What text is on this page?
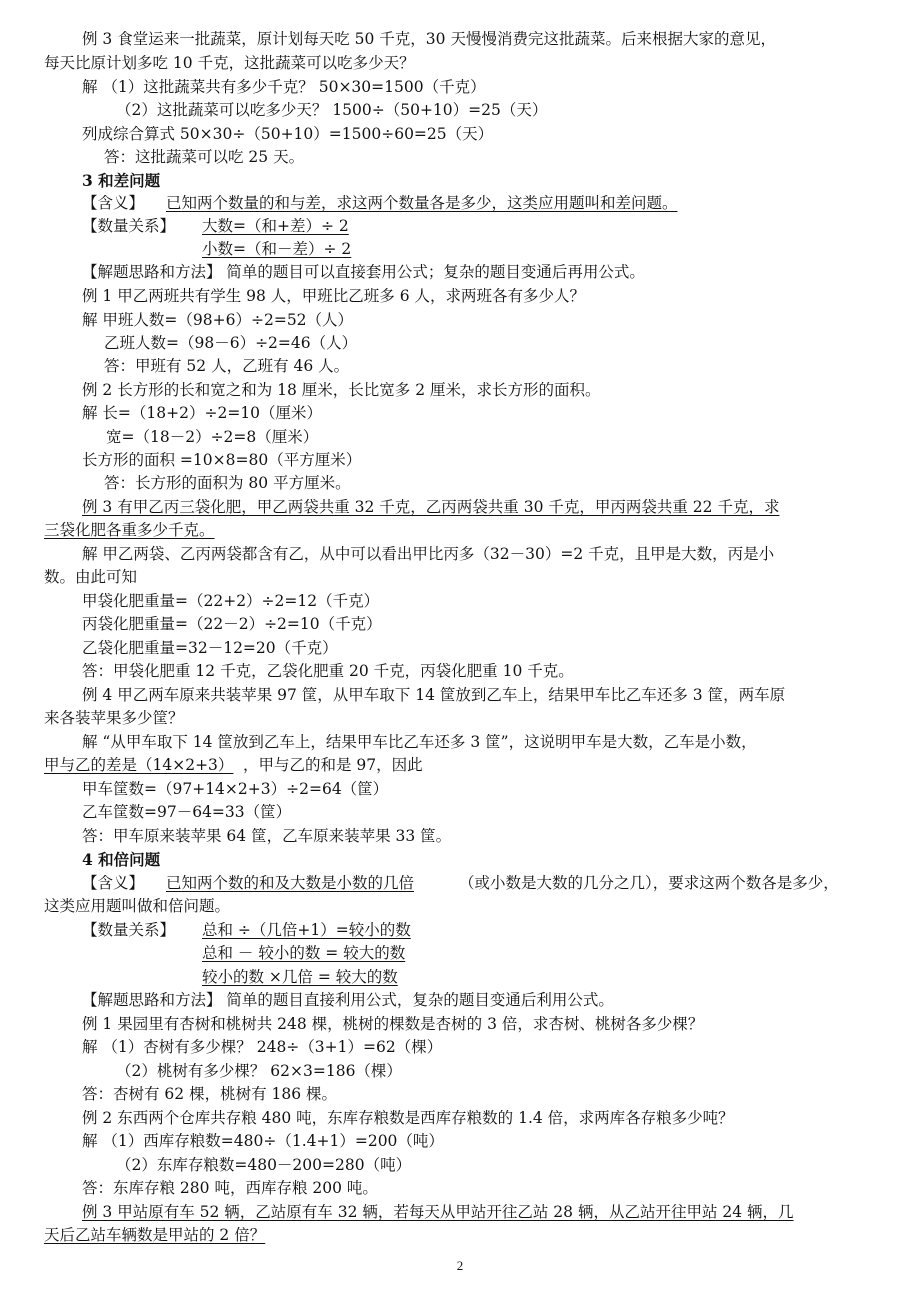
例 3 食堂运来一批蔬菜，原计划每天吃 50 千克，30 天慢慢消费完这批蔬菜。后来根据大家的意见，
每天比原计划多吃 10 千克，这批蔬菜可以吃多少天？
解 （1）这批蔬菜共有多少千克？ 50×30=1500（千克）
（2）这批蔬菜可以吃多少天？ 1500÷（50+10）=25（天）
列成综合算式 50×30÷（50+10）=1500÷60=25（天）
答：这批蔬菜可以吃 25 天。
3 和差问题
【含义】 已知两个数量的和与差，求这两个数量各是多少，这类应用题叫和差问题。
【数量关系】 大数=（和+差）÷ 2
小数=（和－差）÷ 2
【解题思路和方法】 简单的题目可以直接套用公式；复杂的题目变通后再用公式。
例 1 甲乙两班共有学生 98 人，甲班比乙班多 6 人，求两班各有多少人？
解 甲班人数=（98+6）÷2=52（人）
乙班人数=（98－6）÷2=46（人）
答：甲班有 52 人，乙班有 46 人。
例 2 长方形的长和宽之和为 18 厘米，长比宽多 2 厘米，求长方形的面积。
解 长=（18+2）÷2=10（厘米）
宽=（18－2）÷2=8（厘米）
长方形的面积 =10×8=80（平方厘米）
答：长方形的面积为 80 平方厘米。
例 3 有甲乙丙三袋化肥，甲乙两袋共重 32 千克，乙丙两袋共重 30 千克，甲丙两袋共重 22 千克，求
三袋化肥各重多少千克。
解 甲乙两袋、乙丙两袋都含有乙，从中可以看出甲比丙多（32－30）=2 千克，且甲是大数，丙是小
数。由此可知
甲袋化肥重量=（22+2）÷2=12（千克）
丙袋化肥重量=（22－2）÷2=10（千克）
乙袋化肥重量=32－12=20（千克）
答：甲袋化肥重 12 千克，乙袋化肥重 20 千克，丙袋化肥重 10 千克。
例 4 甲乙两车原来共装苹果 97 筐，从甲车取下 14 筐放到乙车上，结果甲车比乙车还多 3 筐，两车原
来各装苹果多少筐？
解 “从甲车取下 14 筐放到乙车上，结果甲车比乙车还多 3 筐”，这说明甲车是大数，乙车是小数，
甲与乙的差是（14×2+3） ，甲与乙的和是 97，因此
甲车筐数=（97+14×2+3）÷2=64（筐）
乙车筐数=97－64=33（筐）
答：甲车原来装苹果 64 筐，乙车原来装苹果 33 筐。
4 和倍问题
【含义】 已知两个数的和及大数是小数的几倍	（或小数是大数的几分之几），要求这两个数各是多少，
这类应用题叫做和倍问题。
【数量关系】 总和 ÷（几倍+1）=较小的数
总和 － 较小的数 = 较大的数
较小的数 ×几倍 = 较大的数
【解题思路和方法】 简单的题目直接利用公式，复杂的题目变通后利用公式。
例 1 果园里有杏树和桃树共 248 棵，桃树的棵数是杏树的 3 倍，求杏树、桃树各多少棵？
解 （1）杏树有多少棵？ 248÷（3+1）=62（棵）
（2）桃树有多少棵？ 62×3=186（棵）
答：杏树有 62 棵，桃树有 186 棵。
例 2 东西两个仓库共存粮 480 吨，东库存粮数是西库存粮数的 1.4 倍，求两库各存粮多少吨？
解 （1）西库存粮数=480÷（1.4+1）=200（吨）
（2）东库存粮数=480－200=280（吨）
答：东库存粮 280 吨，西库存粮 200 吨。
例 3 甲站原有车 52 辆，乙站原有车 32 辆，若每天从甲站开往乙站 28 辆，从乙站开往甲站 24 辆，几
天后乙站车辆数是甲站的 2 倍？
2
